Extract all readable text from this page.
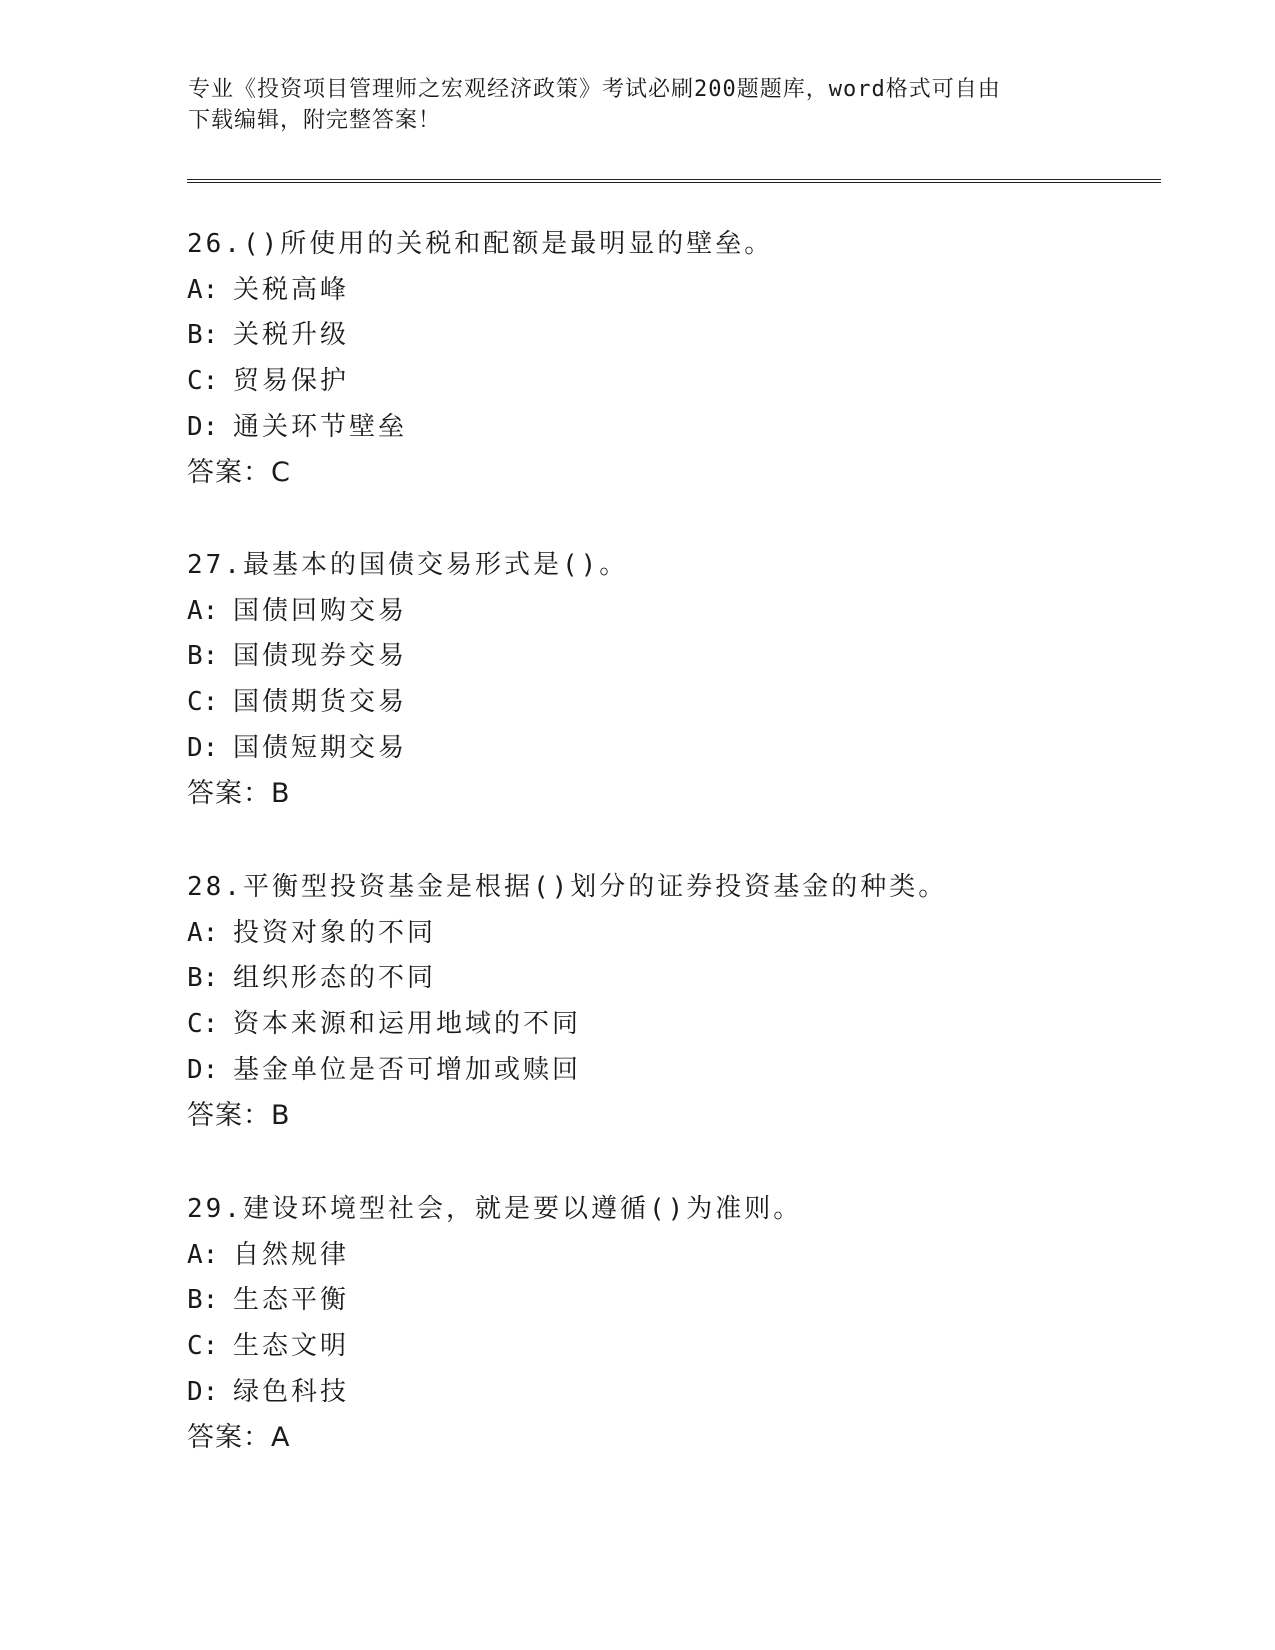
专业《投资项目管理师之宏观经济政策》考试必刷200题题库，word格式可自由
下载编辑，附完整答案！
26.()所使用的关税和配额是最明显的壁垒。
A: 关税高峰
B: 关税升级
C: 贸易保护
D: 通关环节壁垒
答案：C
27.最基本的国债交易形式是()。
A: 国债回购交易
B: 国债现券交易
C: 国债期货交易
D: 国债短期交易
答案：B
28.平衡型投资基金是根据()划分的证券投资基金的种类。
A: 投资对象的不同
B: 组织形态的不同
C: 资本来源和运用地域的不同
D: 基金单位是否可增加或赎回
答案：B
29.建设环境型社会，就是要以遵循()为准则。
A: 自然规律
B: 生态平衡
C: 生态文明
D: 绿色科技
答案：A
